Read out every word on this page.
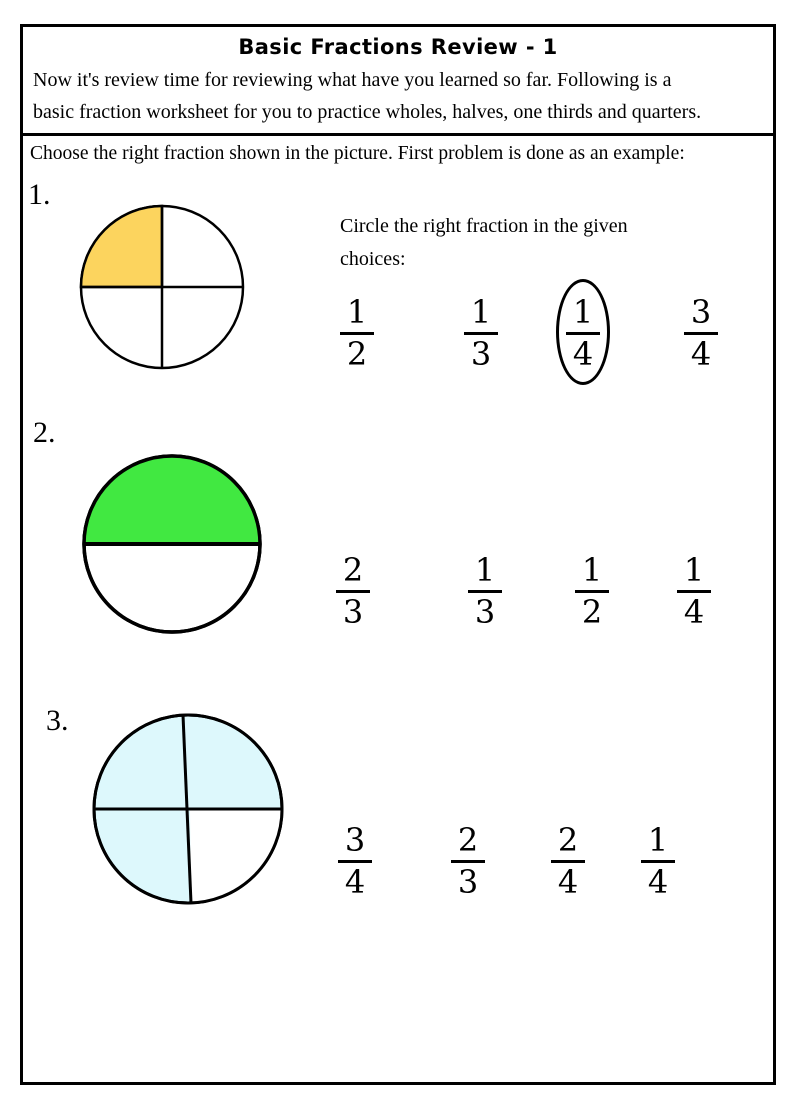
Basic Fractions Review - 1
Now it's review time for reviewing what have you learned so far. Following is a
basic fraction worksheet for you to practice wholes, halves, one thirds and quarters.
Choose the right fraction shown in the picture. First problem is done as an example:
1.
Circle the right fraction in the given
choices:
1
2
1
3
1
4
3
4
2.
2
3
1
3
1
2
1
4
3.
3
4
2
3
2
4
1
4
